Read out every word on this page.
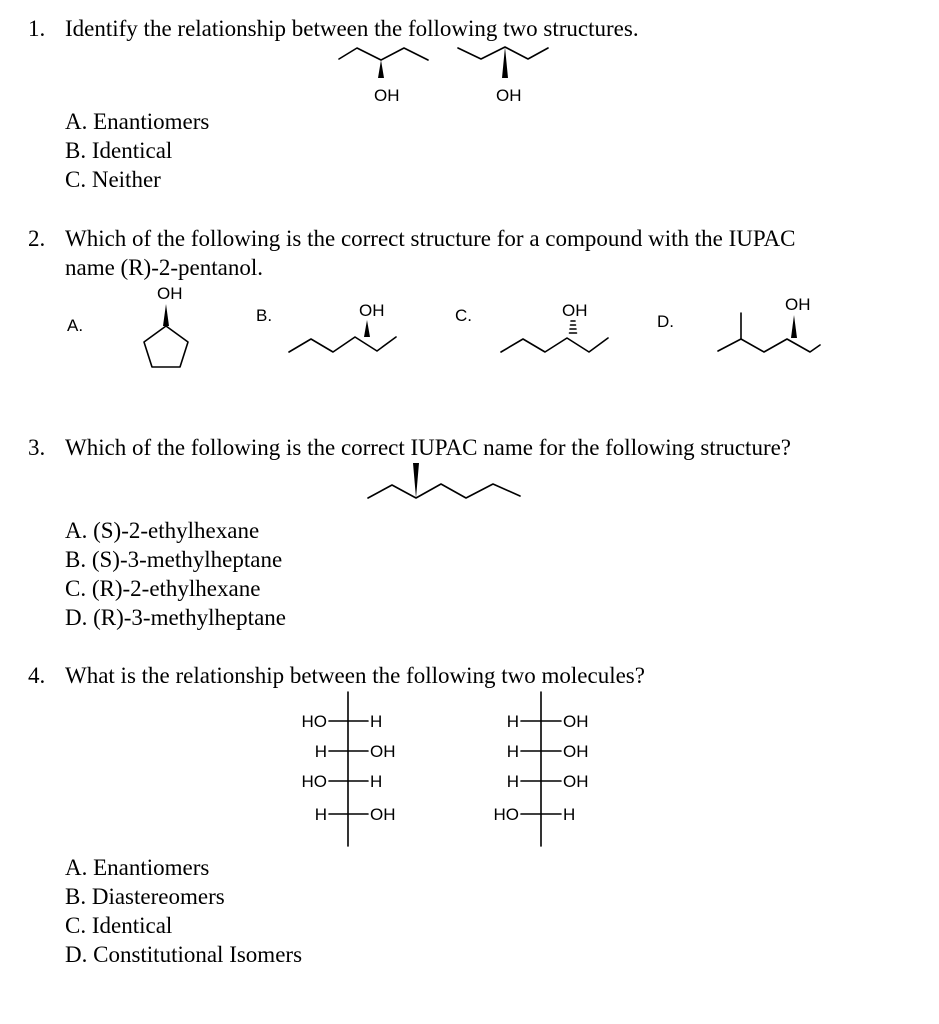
1. Identify the relationship between the following two structures.
OH	OH
A. Enantiomers
B. Identical
C. Neither
2. Which of the following is the correct structure for a compound with the IUPAC
name (R)-2-pentanol.
A.
OH
B.	OH	C.	OH
D.
OH
3. Which of the following is the correct IUPAC name for the following structure?
A. (S)-2-ethylhexane
B. (S)-3-methylheptane
C. (R)-2-ethylhexane
D. (R)-3-methylheptane
4. What is the relationship between the following two molecules?
HO	H
H	OH
HO	H
H	OH
H	OH
H	OH
H	OH
HO	H
A. Enantiomers
B. Diastereomers
C. Identical
D. Constitutional Isomers
